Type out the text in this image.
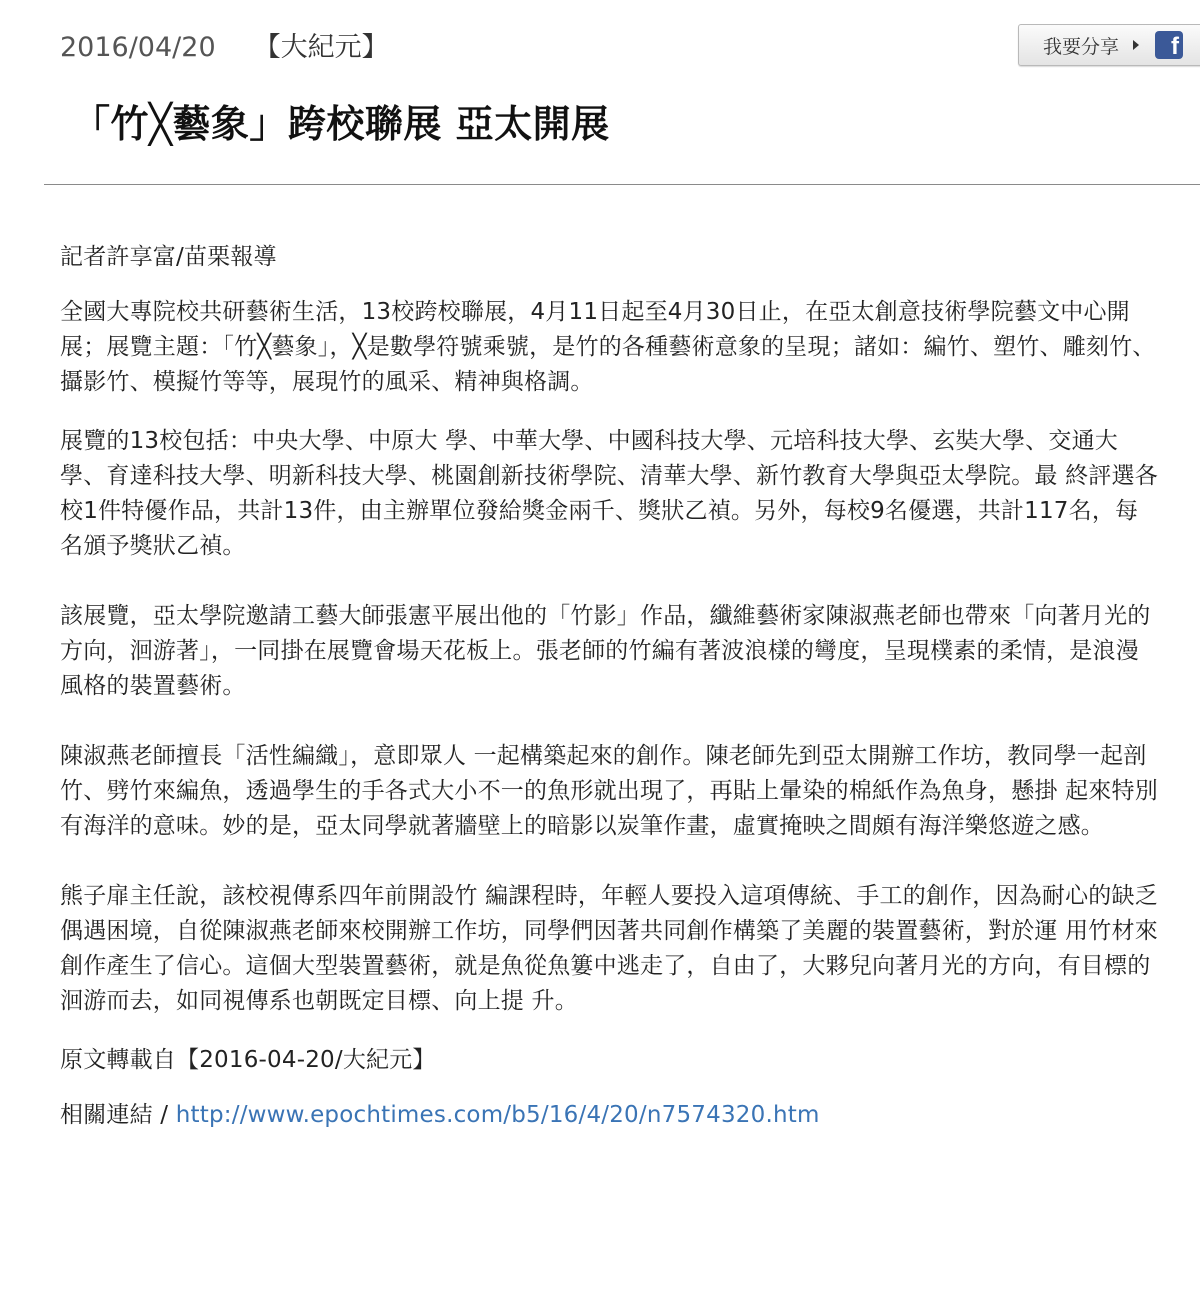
2016/04/20 【大紀元】	我要分享	f
「竹╳藝象」跨校聯展 亞太開展

記者許享富/苗栗報導

全國大專院校共研藝術生活，13校跨校聯展，4月11日起至4月30日止，在亞太創意技術學院藝文中心開展；展覽主題：「竹╳藝象」，╳是數學符號乘號，是竹的各種藝術意象的呈現；諸如：編竹、塑竹、雕刻竹、攝影竹、模擬竹等等，展現竹的風采、精神與格調。

展覽的13校包括：中央大學、中原大 學、中華大學、中國科技大學、元培科技大學、玄奘大學、交通大學、育達科技大學、明新科技大學、桃園創新技術學院、清華大學、新竹教育大學與亞太學院。最 終評選各校1件特優作品，共計13件，由主辦單位發給獎金兩千、獎狀乙禎。另外，每校9名優選，共計117名，每名頒予獎狀乙禎。

該展覽，亞太學院邀請工藝大師張憲平展出他的「竹影」作品，纖維藝術家陳淑燕老師也帶來「向著月光的方向，洄游著」，一同掛在展覽會場天花板上。張老師的竹編有著波浪樣的彎度，呈現樸素的柔情，是浪漫風格的裝置藝術。

陳淑燕老師擅長「活性編織」，意即眾人 一起構築起來的創作。陳老師先到亞太開辦工作坊，教同學一起剖竹、劈竹來編魚，透過學生的手各式大小不一的魚形就出現了，再貼上暈染的棉紙作為魚身，懸掛 起來特別有海洋的意味。妙的是，亞太同學就著牆壁上的暗影以炭筆作畫，虛實掩映之間頗有海洋樂悠遊之感。

熊子扉主任說，該校視傳系四年前開設竹 編課程時，年輕人要投入這項傳統、手工的創作，因為耐心的缺乏偶遇困境，自從陳淑燕老師來校開辦工作坊，同學們因著共同創作構築了美麗的裝置藝術，對於運 用竹材來創作產生了信心。這個大型裝置藝術，就是魚從魚簍中逃走了，自由了，大夥兒向著月光的方向，有目標的洄游而去，如同視傳系也朝既定目標、向上提 升。

原文轉載自【2016-04-20/大紀元】

相關連結 / http://www.epochtimes.com/b5/16/4/20/n7574320.htm
